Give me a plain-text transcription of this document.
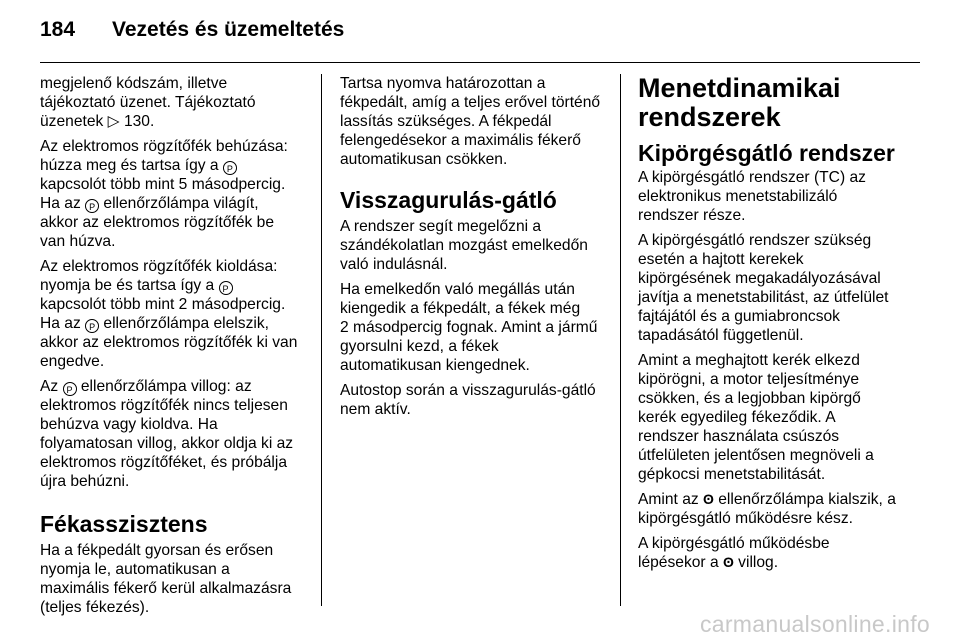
184 Vezetés és üzemeltetés

megjelenő kódszám, illetve
tájékoztató üzenet. Tájékoztató
üzenetek ▷ 130.

Az elektromos rögzítőfék behúzása:
húzza meg és tartsa így a P
kapcsolót több mint 5 másodpercig.
Ha az P ellenőrzőlámpa világít,
akkor az elektromos rögzítőfék be
van húzva.

Az elektromos rögzítőfék kioldása:
nyomja be és tartsa így a P
kapcsolót több mint 2 másodpercig.
Ha az P ellenőrzőlámpa elelszik,
akkor az elektromos rögzítőfék ki van
engedve.

Az P ellenőrzőlámpa villog: az
elektromos rögzítőfék nincs teljesen
behúzva vagy kioldva. Ha
folyamatosan villog, akkor oldja ki az
elektromos rögzítőféket, és próbálja
újra behúzni.

Fékasszisztens

Ha a fékpedált gyorsan és erősen
nyomja le, automatikusan a
maximális fékerő kerül alkalmazásra
(teljes fékezés).

Tartsa nyomva határozottan a
fékpedált, amíg a teljes erővel történő
lassítás szükséges. A fékpedál
felengedésekor a maximális fékerő
automatikusan csökken.

Visszagurulás-gátló

A rendszer segít megelőzni a
szándékolatlan mozgást emelkedőn
való indulásnál.

Ha emelkedőn való megállás után
kiengedik a fékpedált, a fékek még
2 másodpercig fognak. Amint a jármű
gyorsulni kezd, a fékek
automatikusan kiengednek.

Autostop során a visszagurulás-gátló
nem aktív.

Menetdinamikai
rendszerek
Kipörgésgátló rendszer

A kipörgésgátló rendszer (TC) az
elektronikus menetstabilizáló
rendszer része.

A kipörgésgátló rendszer szükség
esetén a hajtott kerekek
kipörgésének megakadályozásával
javítja a menetstabilitást, az útfelület
fajtájától és a gumiabroncsok
tapadásától függetlenül.

Amint a meghajtott kerék elkezd
kipörögni, a motor teljesítménye
csökken, és a legjobban kipörgő
kerék egyedileg fékeződik. A
rendszer használata csúszós
útfelületen jelentősen megnöveli a
gépkocsi menetstabilitását.

Amint az ʘ ellenőrzőlámpa kialszik, a
kipörgésgátló működésre kész.

A kipörgésgátló működésbe
lépésekor a ʘ villog.

carmanualsonline.info
